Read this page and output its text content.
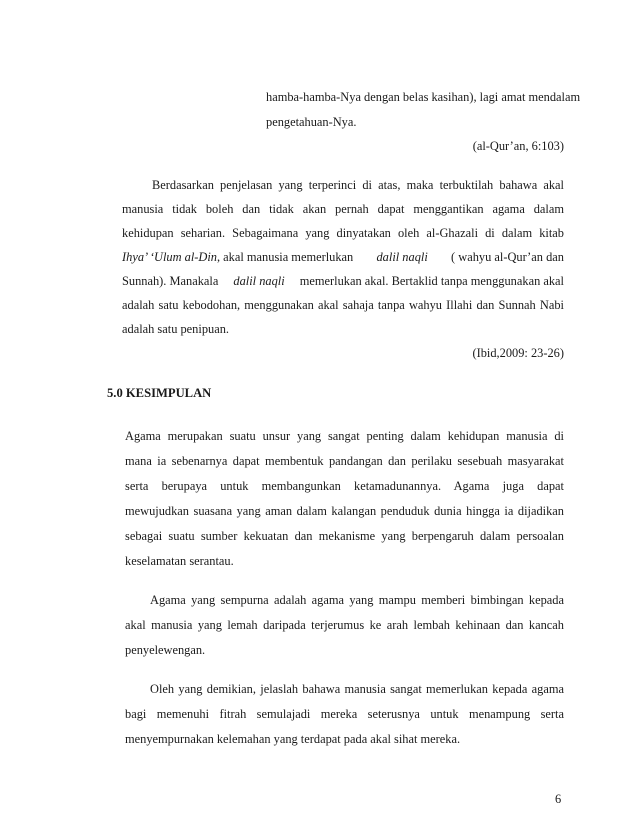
hamba-hamba-Nya dengan belas kasihan), lagi amat mendalam
pengetahuan-Nya.
(al-Qur’an, 6:103)
Berdasarkan penjelasan yang terperinci di atas, maka terbuktilah bahawa akal
manusia tidak boleh dan tidak akan pernah dapat menggantikan agama dalam
kehidupan seharian. Sebagaimana yang dinyatakan oleh al-Ghazali di dalam kitab
Ihya’ ‘Ulum al-Din, akal manusia memerlukan dalil naqli ( wahyu al-Qur’an dan
Sunnah). Manakala dalil naqli memerlukan akal. Bertaklid tanpa menggunakan akal
adalah satu kebodohan, menggunakan akal sahaja tanpa wahyu Illahi dan Sunnah Nabi
adalah satu penipuan.
(Ibid,2009: 23-26)
5.0 KESIMPULAN
Agama merupakan suatu unsur yang sangat penting dalam kehidupan manusia di
mana ia sebenarnya dapat membentuk pandangan dan perilaku sesebuah masyarakat
serta berupaya untuk membangunkan ketamadunannya. Agama juga dapat
mewujudkan suasana yang aman dalam kalangan penduduk dunia hingga ia dijadikan
sebagai suatu sumber kekuatan dan mekanisme yang berpengaruh dalam persoalan
keselamatan serantau.
Agama yang sempurna adalah agama yang mampu memberi bimbingan kepada
akal manusia yang lemah daripada terjerumus ke arah lembah kehinaan dan kancah
penyelewengan.
Oleh yang demikian, jelaslah bahawa manusia sangat memerlukan kepada agama
bagi memenuhi fitrah semulajadi mereka seterusnya untuk menampung serta
menyempurnakan kelemahan yang terdapat pada akal sihat mereka.
6
